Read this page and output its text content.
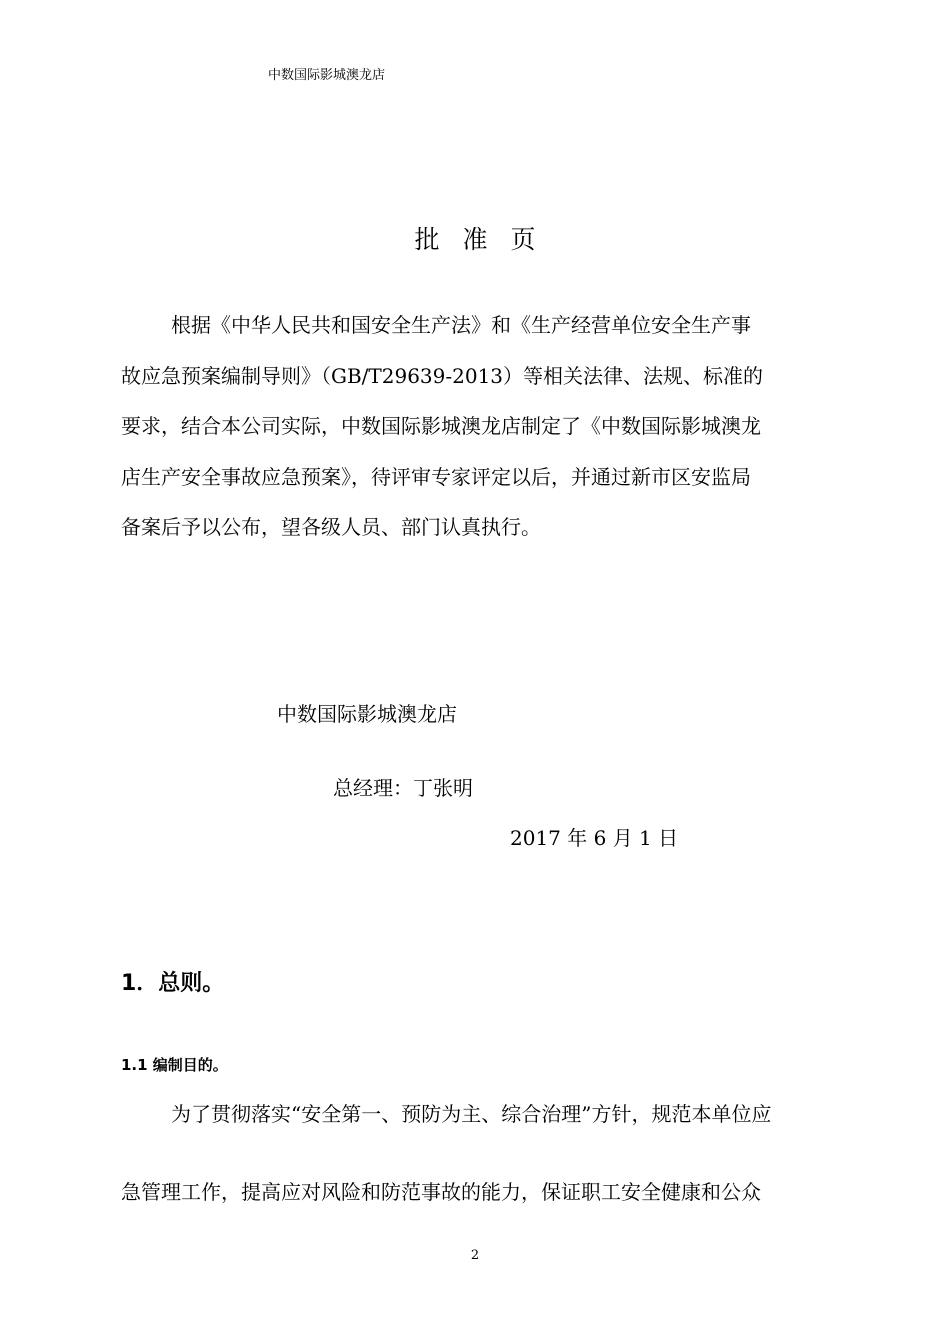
中数国际影城澳龙店
批 准 页
根据《中华人民共和国安全生产法》和《生产经营单位安全生产事
故应急预案编制导则》（GB/T29639-2013）等相关法律、法规、标准的
要求，结合本公司实际，中数国际影城澳龙店制定了《中数国际影城澳龙
店生产安全事故应急预案》，待评审专家评定以后，并通过新市区安监局
备案后予以公布，望各级人员、部门认真执行。
中数国际影城澳龙店
总经理：丁张明
2017 年 6 月 1 日
1．总则。
1.1 编制目的。
为了贯彻落实“安全第一、预防为主、综合治理”方针，规范本单位应
急管理工作，提高应对风险和防范事故的能力，保证职工安全健康和公众
2
